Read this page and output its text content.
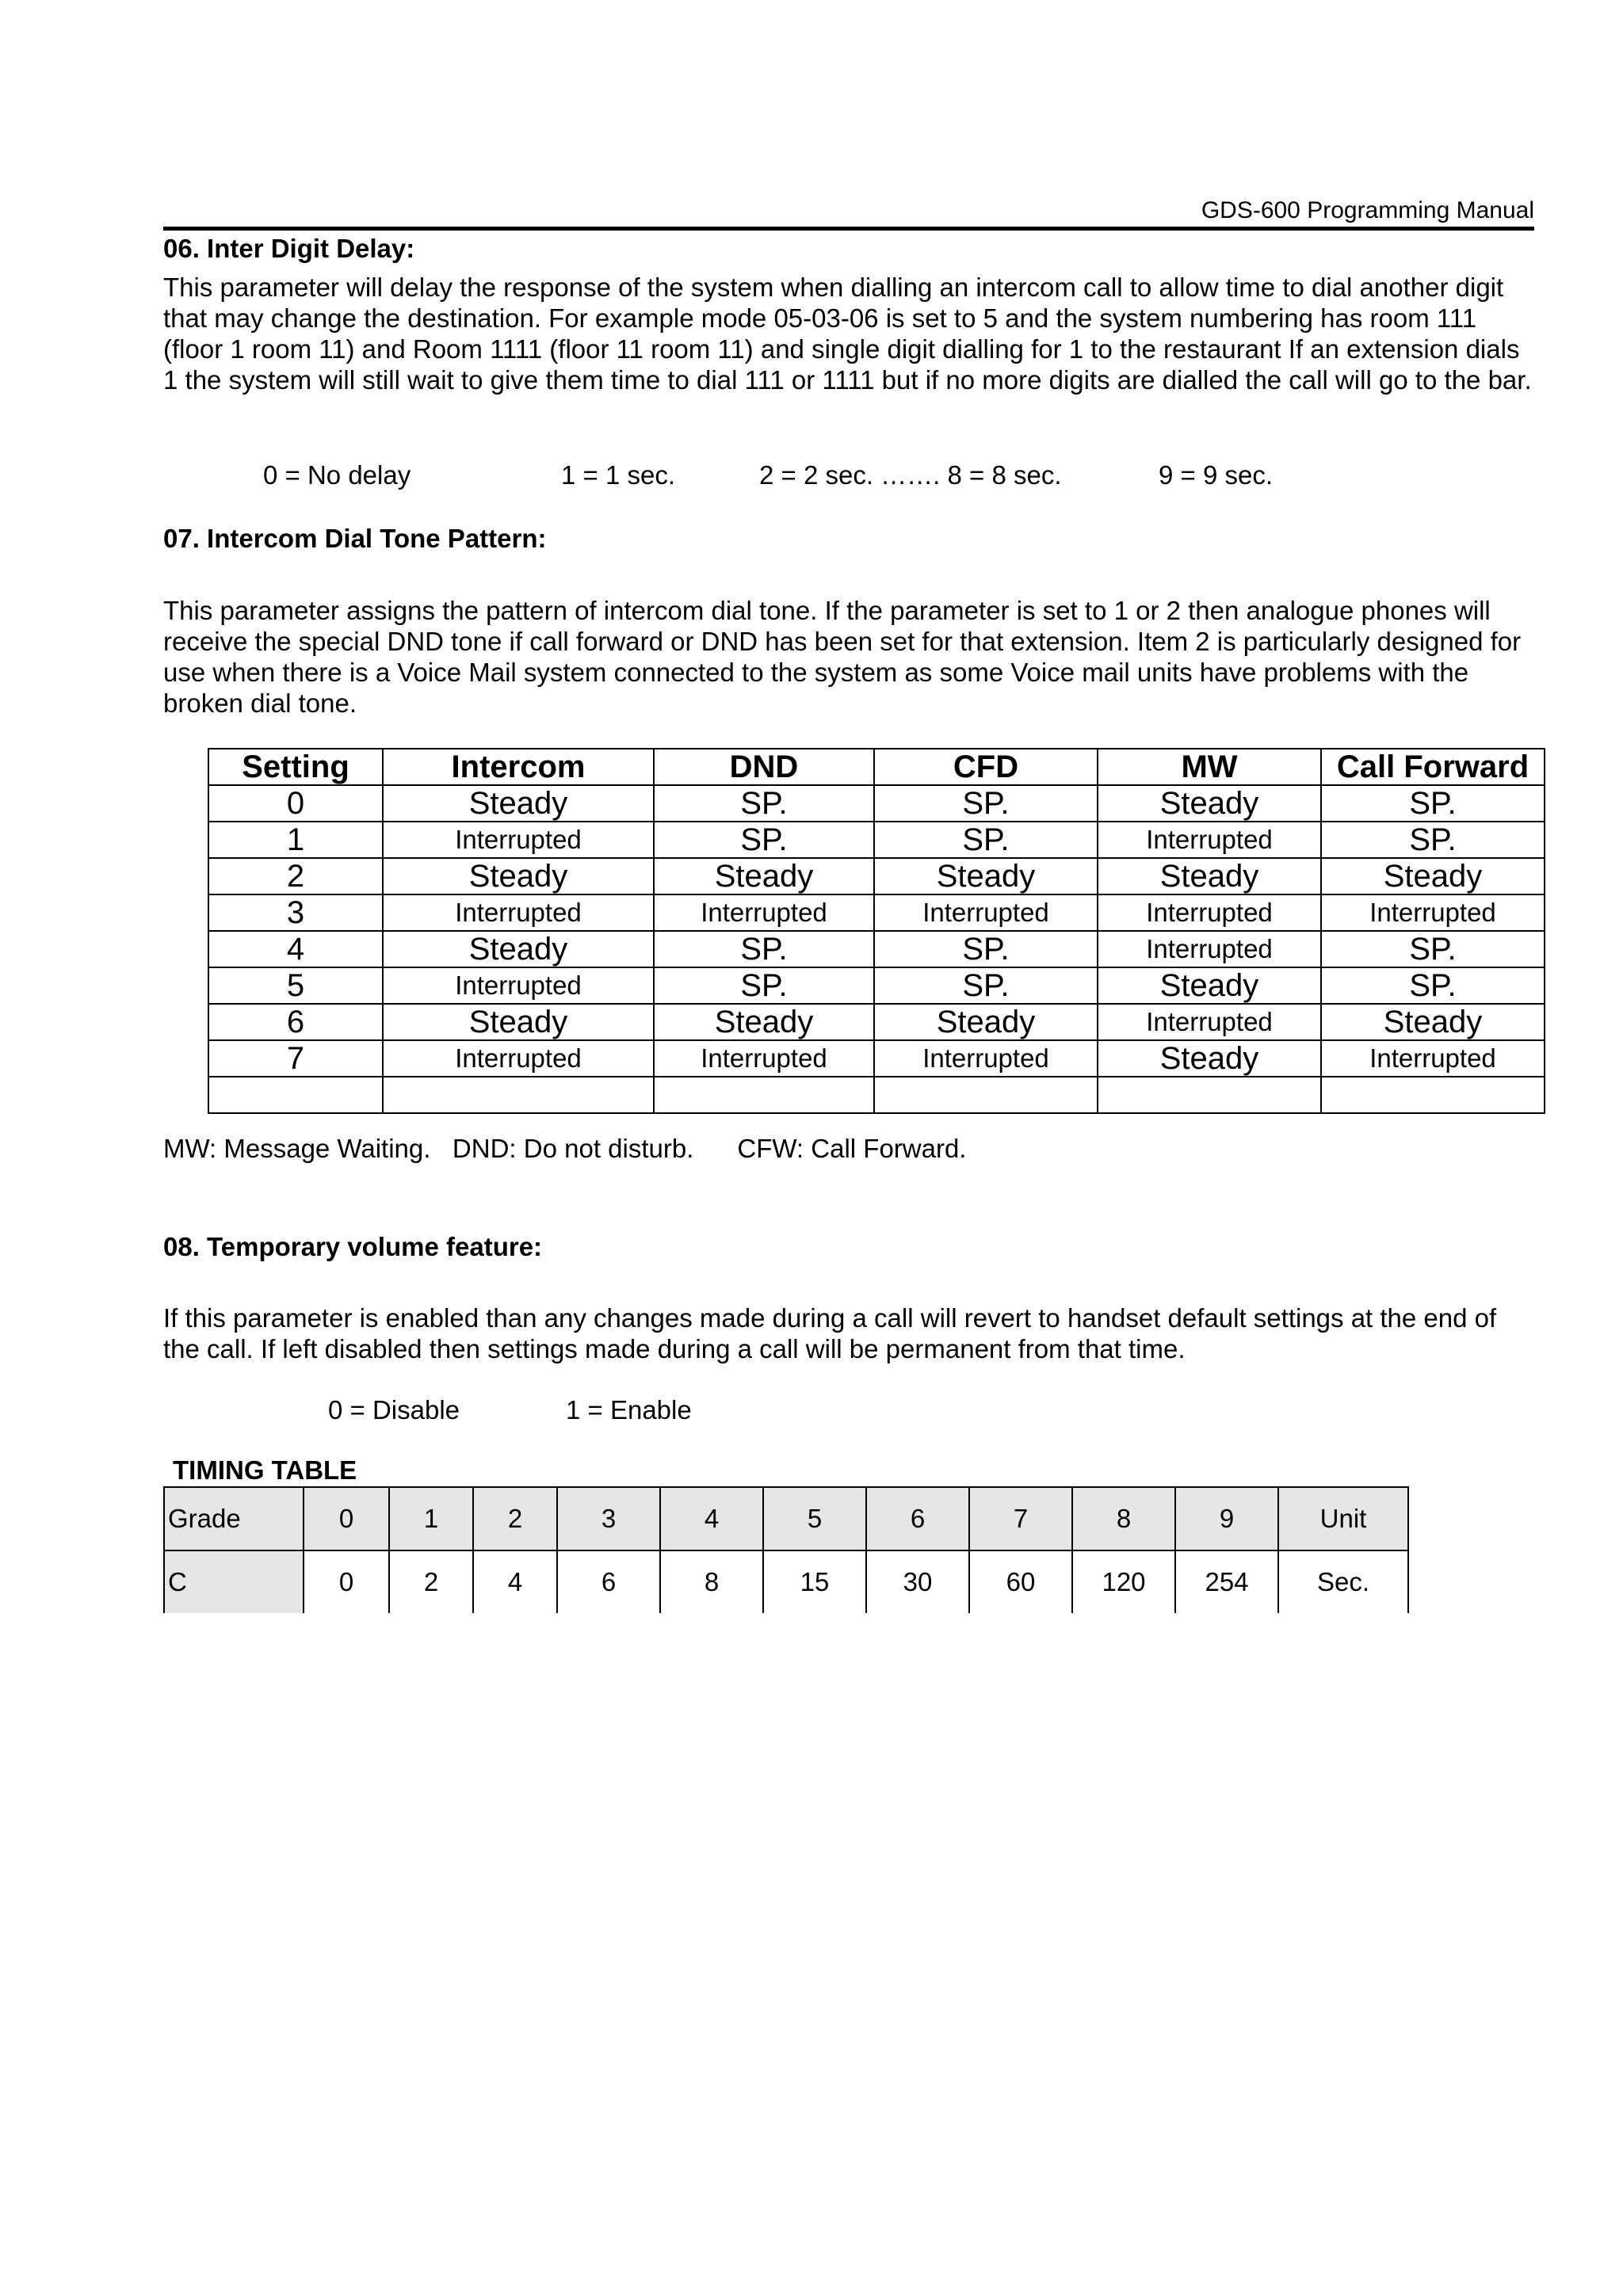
GDS-600 Programming Manual
06. Inter Digit Delay:

This parameter will delay the response of the system when dialling an intercom call to allow time to dial another digit that may change the destination. For example mode 05-03-06 is set to 5 and the system numbering has room 111 (floor 1 room 11) and Room 1111 (floor 11 room 11) and single digit dialling for 1 to the restaurant If an extension dials 1 the system will still wait to give them time to dial 111 or 1111 but if no more digits are dialled the call will go to the bar.

0 = No delay	1 = 1 sec.	2 = 2 sec. ……. 8 = 8 sec.	9 = 9 sec.
07. Intercom Dial Tone Pattern:

This parameter assigns the pattern of intercom dial tone. If the parameter is set to 1 or 2 then analogue phones will receive the special DND tone if call forward or DND has been set for that extension. Item 2 is particularly designed for use when there is a Voice Mail system connected to the system as some Voice mail units have problems with the broken dial tone.

Setting	Intercom	DND	CFD	MW	Call Forward
0	Steady	SP.	SP.	Steady	SP.
1	Interrupted	SP.	SP.	Interrupted	SP.
2	Steady	Steady	Steady	Steady	Steady
3	Interrupted	Interrupted	Interrupted	Interrupted	Interrupted
4	Steady	SP.	SP.	Interrupted	SP.
5	Interrupted	SP.	SP.	Steady	SP.
6	Steady	Steady	Steady	Interrupted	Steady
7	Interrupted	Interrupted	Interrupted	Steady	Interrupted

MW: Message Waiting.   DND: Do not disturb.      CFW: Call Forward.
08. Temporary volume feature:

If this parameter is enabled than any changes made during a call will revert to handset default settings at the end of the call. If left disabled then settings made during a call will be permanent from that time.

0 = Disable	1 = Enable
TIMING TABLE
Grade	0	1	2	3	4	5	6	7	8	9	Unit
C	0	2	4	6	8	15	30	60	120	254	Sec.
